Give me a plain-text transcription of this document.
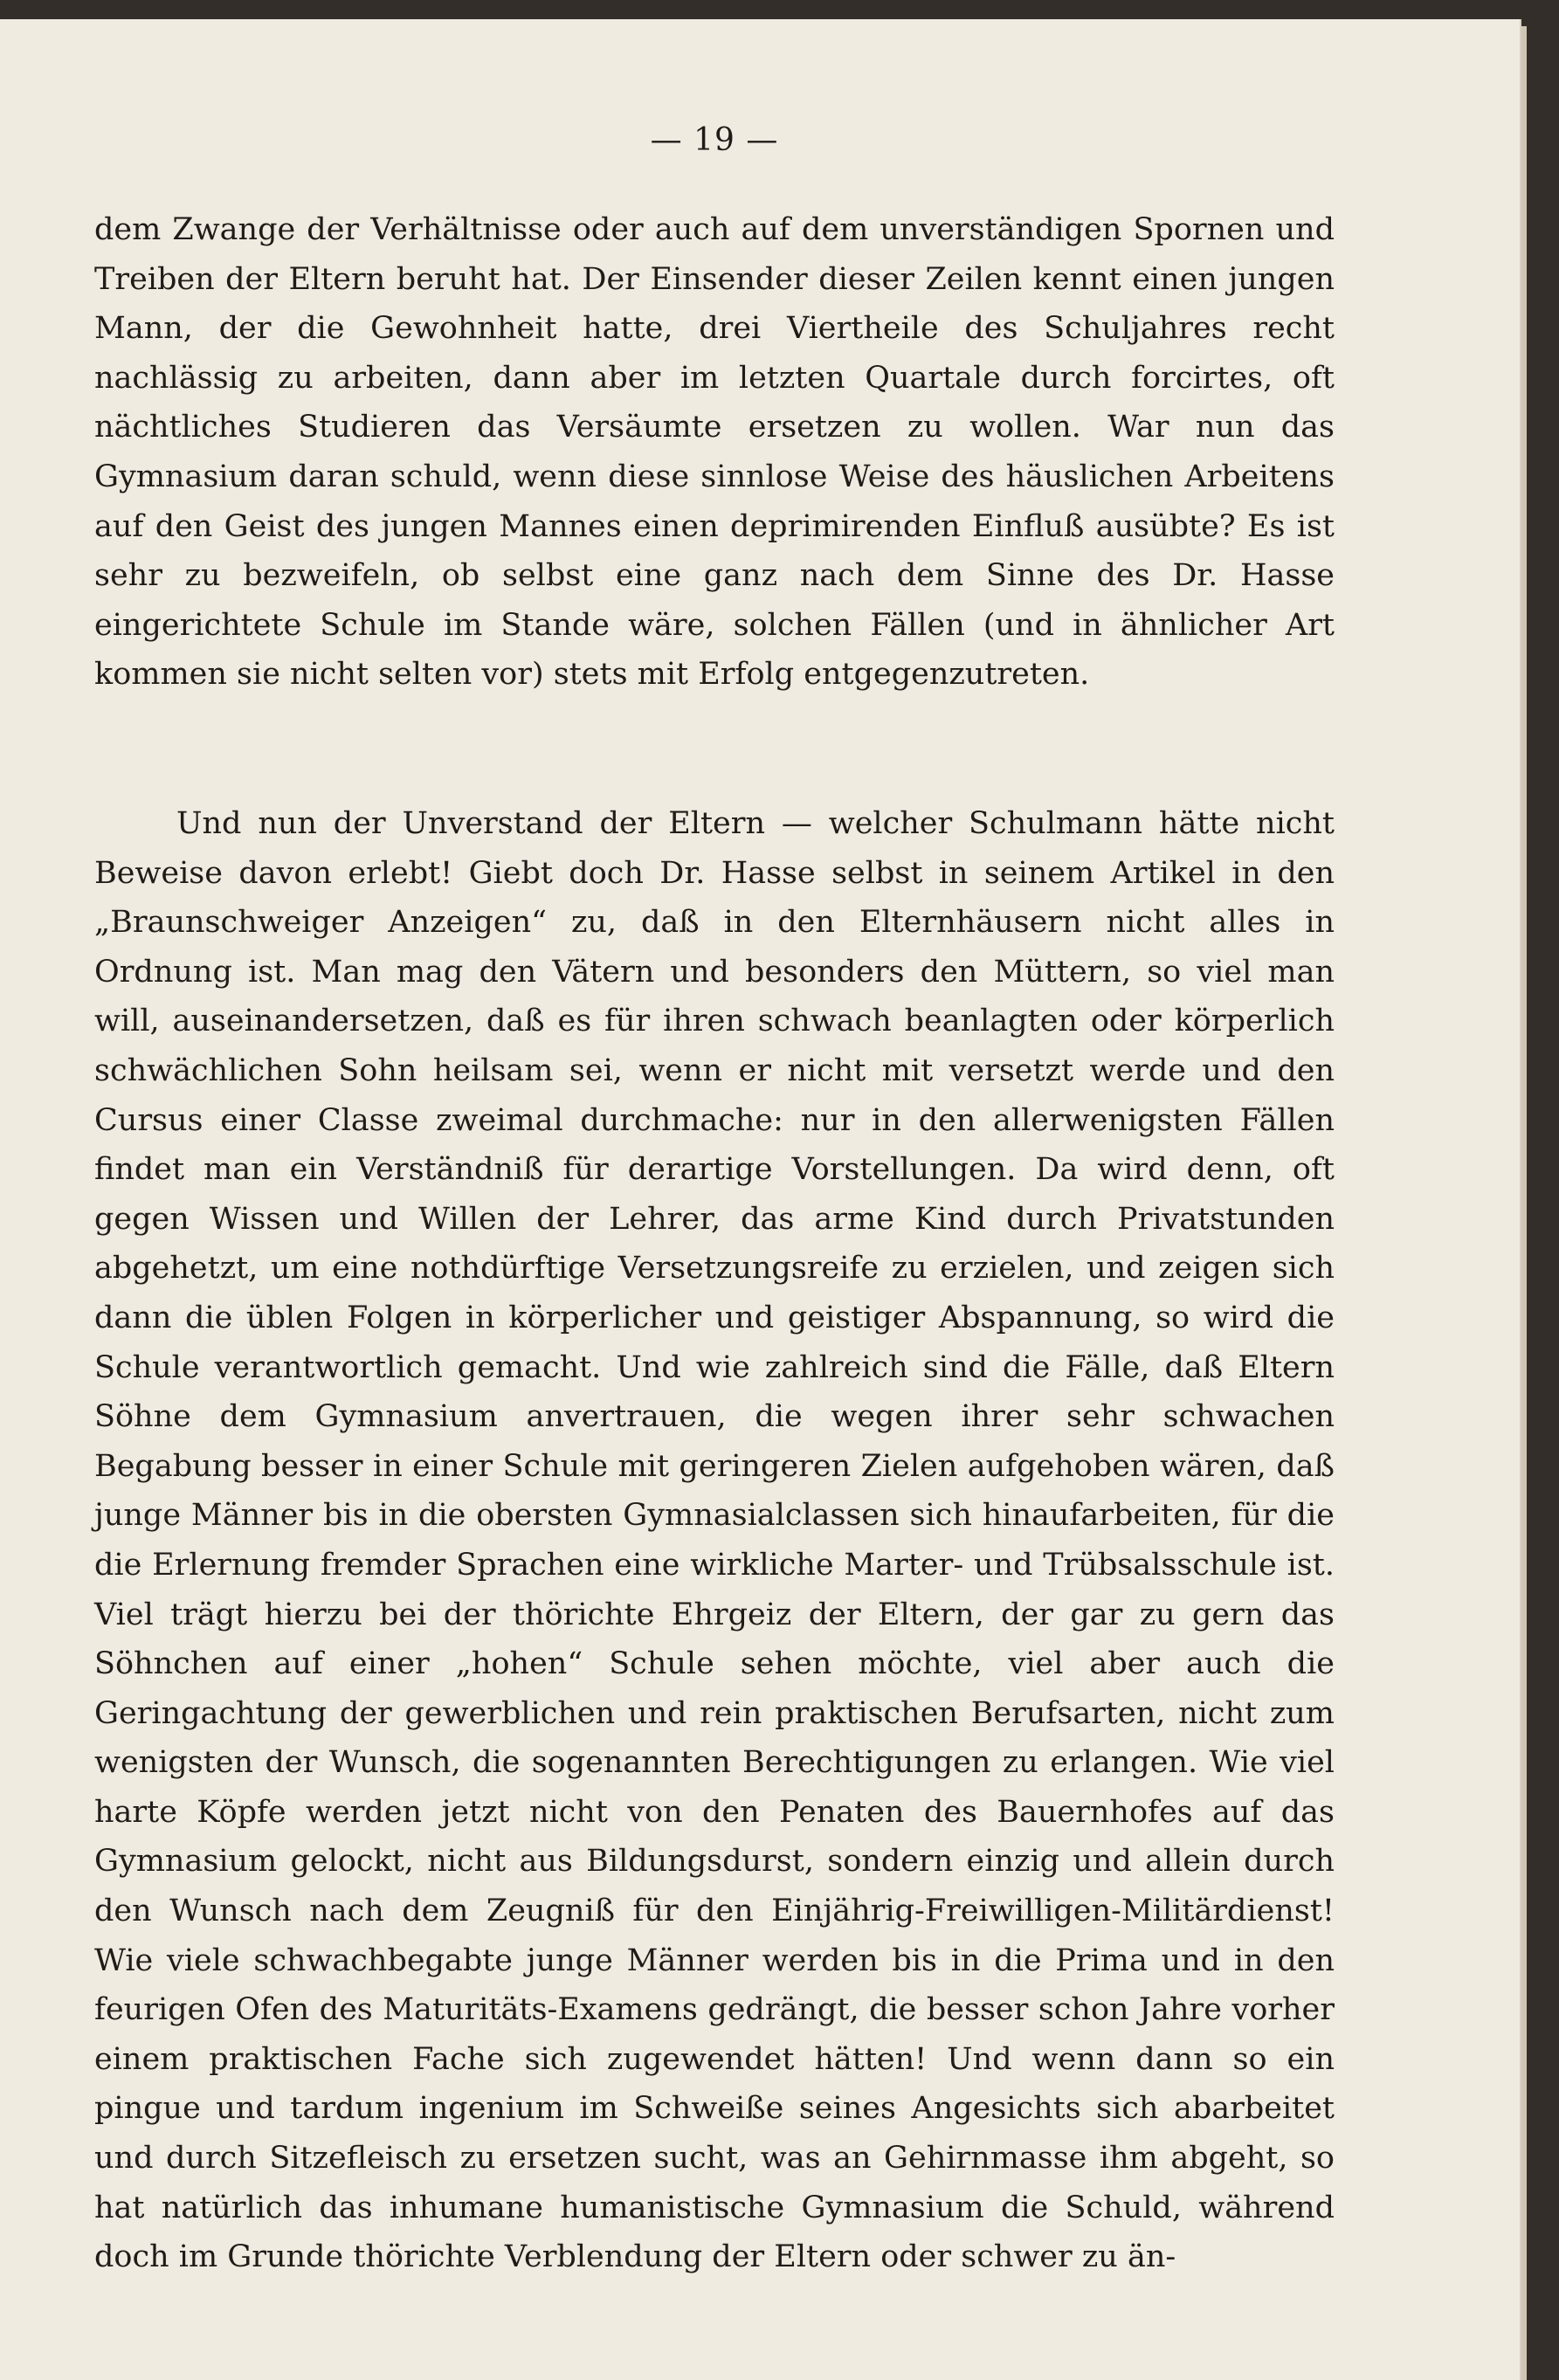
— 19 —

dem Zwange der Verhältnisse oder auch auf dem unverständigen Spornen und Treiben der Eltern beruht hat. Der Einsender dieser Zeilen kennt einen jungen Mann, der die Gewohnheit hatte, drei Viertheile des Schuljahres recht nachlässig zu arbeiten, dann aber im letzten Quartale durch forcirtes, oft nächtliches Studieren das Versäumte ersetzen zu wollen. War nun das Gymnasium daran schuld, wenn diese sinnlose Weise des häuslichen Arbeitens auf den Geist des jungen Mannes einen deprimirenden Einfluß ausübte? Es ist sehr zu bezweifeln, ob selbst eine ganz nach dem Sinne des Dr. Hasse eingerichtete Schule im Stande wäre, solchen Fällen (und in ähnlicher Art kommen sie nicht selten vor) stets mit Erfolg entgegenzutreten.

Und nun der Unverstand der Eltern — welcher Schulmann hätte nicht Beweise davon erlebt! Giebt doch Dr. Hasse selbst in seinem Artikel in den „Braunschweiger Anzeigen“ zu, daß in den Elternhäusern nicht alles in Ordnung ist. Man mag den Vätern und besonders den Müttern, so viel man will, auseinandersetzen, daß es für ihren schwach beanlagten oder körperlich schwächlichen Sohn heilsam sei, wenn er nicht mit versetzt werde und den Cursus einer Classe zweimal durchmache: nur in den allerwenigsten Fällen findet man ein Verständniß für derartige Vorstellungen. Da wird denn, oft gegen Wissen und Willen der Lehrer, das arme Kind durch Privatstunden abgehetzt, um eine nothdürftige Versetzungsreife zu erzielen, und zeigen sich dann die üblen Folgen in körperlicher und geistiger Abspannung, so wird die Schule verantwortlich gemacht. Und wie zahlreich sind die Fälle, daß Eltern Söhne dem Gymnasium anvertrauen, die wegen ihrer sehr schwachen Begabung besser in einer Schule mit geringeren Zielen aufgehoben wären, daß junge Männer bis in die obersten Gymnasialclassen sich hinaufarbeiten, für die die Erlernung fremder Sprachen eine wirkliche Marter- und Trübsalsschule ist. Viel trägt hierzu bei der thörichte Ehrgeiz der Eltern, der gar zu gern das Söhnchen auf einer „hohen“ Schule sehen möchte, viel aber auch die Geringachtung der gewerblichen und rein praktischen Berufsarten, nicht zum wenigsten der Wunsch, die sogenannten Berechtigungen zu erlangen. Wie viel harte Köpfe werden jetzt nicht von den Penaten des Bauernhofes auf das Gymnasium gelockt, nicht aus Bildungsdurst, sondern einzig und allein durch den Wunsch nach dem Zeugniß für den Einjährig-Freiwilligen-Militärdienst! Wie viele schwachbegabte junge Männer werden bis in die Prima und in den feurigen Ofen des Maturitäts-Examens gedrängt, die besser schon Jahre vorher einem praktischen Fache sich zugewendet hätten! Und wenn dann so ein pingue und tardum ingenium im Schweiße seines Angesichts sich abarbeitet und durch Sitzefleisch zu ersetzen sucht, was an Gehirnmasse ihm abgeht, so hat natürlich das inhumane humanistische Gymnasium die Schuld, während doch im Grunde thörichte Verblendung der Eltern oder schwer zu än-
